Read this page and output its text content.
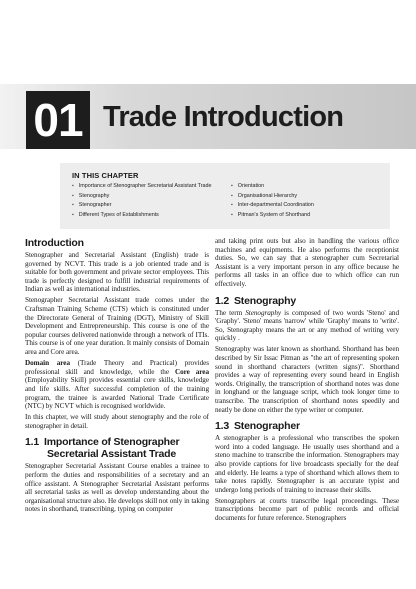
01 Trade Introduction
IN THIS CHAPTER
▪ Importance of Stenographer Secretarial Assistant Trade
▪ Stenography
▪ Stenographer
▪ Different Types of Establishments
▪ Orientation
▪ Organisational Hierarchy
▪ Inter-departmental Coordination
▪ Pitman's System of Shorthand
Introduction

Stenographer and Secretarial Assistant (English) trade is governed by NCVT. This trade is a job oriented trade and is suitable for both government and private sector employees. This trade is perfectly designed to fulfill industrial requirements of Indian as well as international industries.

Stenographer Secretarial Assistant trade comes under the Craftsman Training Scheme (CTS) which is constituted under the Directorate General of Training (DGT), Ministry of Skill Development and Entrepreneurship. This course is one of the popular courses delivered nationwide through a network of ITIs. This course is of one year duration. It mainly consists of Domain area and Core area.

Domain area (Trade Theory and Practical) provides professional skill and knowledge, while the Core area (Employability Skill) provides essential core skills, knowledge and life skills. After successful completion of the training program, the trainee is awarded National Trade Certificate (NTC) by NCVT which is recognised worldwide.

In this chapter, we will study about stenography and the role of stenographer in detail.

1.1 Importance of Stenographer
Secretarial Assistant Trade

Stenographer Secretarial Assistant Course enables a trainee to perform the duties and responsibilities of a secretary and an office assistant. A Stenographer Secretarial Assistant performs all secretarial tasks as well as develop understanding about the organisational structure also. He develops skill not only in taking notes in shorthand, transcribing, typing on computer

and taking print outs but also in handling the various office machines and equipments. He also performs the receptionist duties. So, we can say that a stenographer cum Secretarial Assistant is a very important person in any office because he performs all tasks in an office due to which office can run effectively.

1.2 Stenography

The term Stenography is composed of two words 'Steno' and 'Graphy'. 'Steno' means 'narrow' while 'Graphy' means to 'write'. So, Stenography means the art or any method of writing very quickly .

Stenography was later known as shorthand. Shorthand has been described by Sir Issac Pitman as "the art of representing spoken sound in shorthand characters (written signs)". Shorthand provides a way of representing every sound heard in English words. Originally, the transcription of shorthand notes was done in longhand or the language script, which took longer time to transcribe. The transcription of shorthand notes speedily and neatly be done on either the type writer or computer.

1.3 Stenographer

A stenographer is a professional who transcribes the spoken word into a coded language. He usually uses shorthand and a steno machine to transcribe the information. Stenographers may also provide captions for live broadcasts specially for the deaf and elderly. He learns a type of shorthand which allows them to take notes rapidly. Stenographer is an accurate typist and undergo long periods of training to increase their skills.

Stenographers at courts transcribe legal proceedings. These transcriptions become part of public records and official documents for future reference. Stenographers
